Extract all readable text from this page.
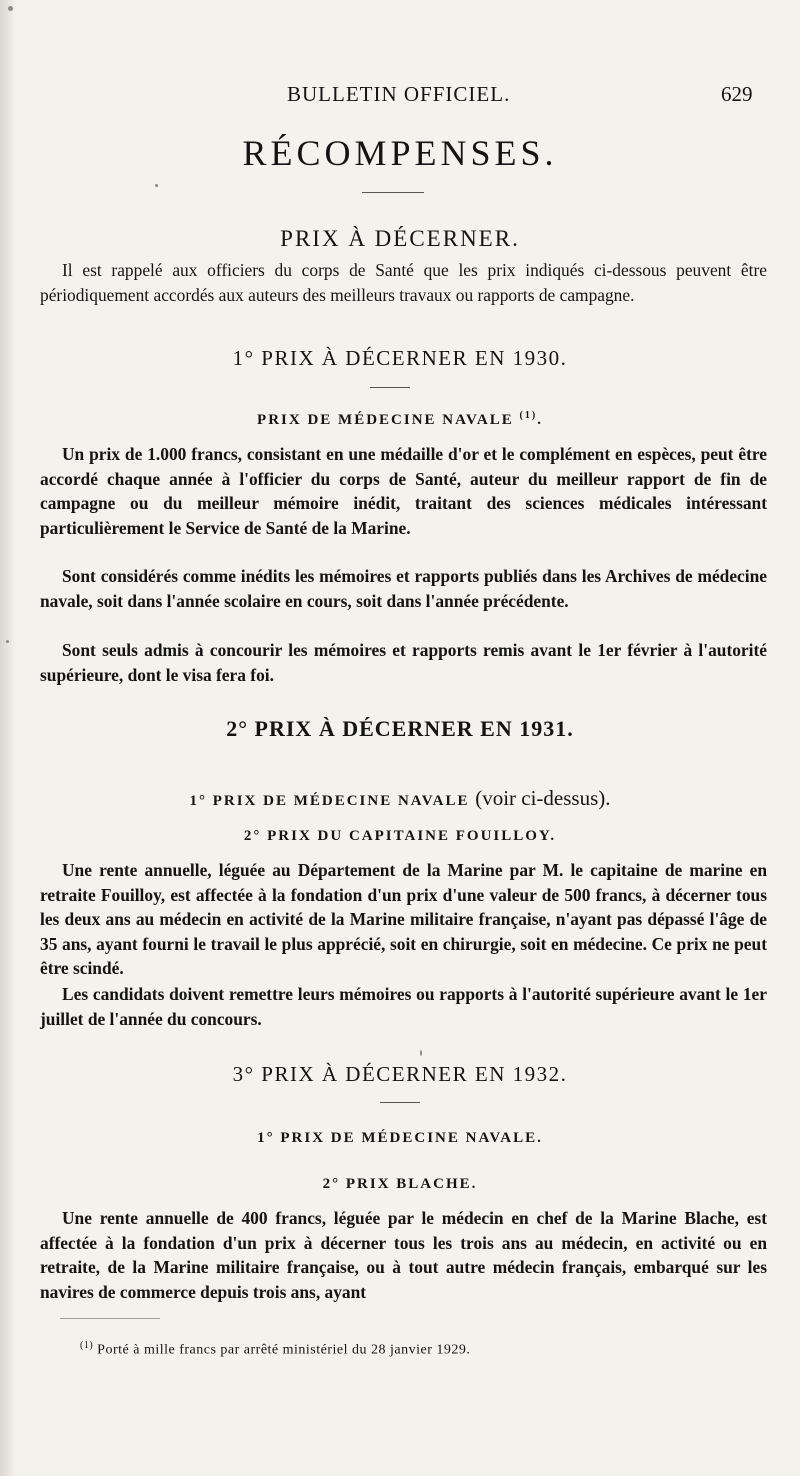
BULLETIN OFFICIEL.	629
RÉCOMPENSES.
PRIX À DÉCERNER.

Il est rappelé aux officiers du corps de Santé que les prix indiqués ci-dessous peuvent être périodiquement accordés aux auteurs des meilleurs travaux ou rapports de campagne.

1° PRIX À DÉCERNER EN 1930.
PRIX DE MÉDECINE NAVALE $^{(1)}$.

Un prix de 1.000 francs, consistant en une médaille d'or et le complément en espèces, peut être accordé chaque année à l'officier du corps de Santé, auteur du meilleur rapport de fin de campagne ou du meilleur mémoire inédit, traitant des sciences médicales intéressant particulièrement le Service de Santé de la Marine.

Sont considérés comme inédits les mémoires et rapports publiés dans les Archives de médecine navale, soit dans l'année scolaire en cours, soit dans l'année précédente.

Sont seuls admis à concourir les mémoires et rapports remis avant le 1er février à l'autorité supérieure, dont le visa fera foi.

2° PRIX À DÉCERNER EN 1931.
1° PRIX DE MÉDECINE NAVALE (voir ci-dessus).
2° PRIX DU CAPITAINE FOUILLOY.

Une rente annuelle, léguée au Département de la Marine par M. le capitaine de marine en retraite Fouilloy, est affectée à la fondation d'un prix d'une valeur de 500 francs, à décerner tous les deux ans au médecin en activité de la Marine militaire française, n'ayant pas dépassé l'âge de 35 ans, ayant fourni le travail le plus apprécié, soit en chirurgie, soit en médecine. Ce prix ne peut être scindé.

Les candidats doivent remettre leurs mémoires ou rapports à l'autorité supérieure avant le 1er juillet de l'année du concours.

3° PRIX À DÉCERNER EN 1932.
1° PRIX DE MÉDECINE NAVALE.
2° PRIX BLACHE.

Une rente annuelle de 400 francs, léguée par le médecin en chef de la Marine Blache, est affectée à la fondation d'un prix à décerner tous les trois ans au médecin, en activité ou en retraite, de la Marine militaire française, ou à tout autre médecin français, embarqué sur les navires de commerce depuis trois ans, ayant

$^{(1)}$ Porté à mille francs par arrêté ministériel du 28 janvier 1929.
